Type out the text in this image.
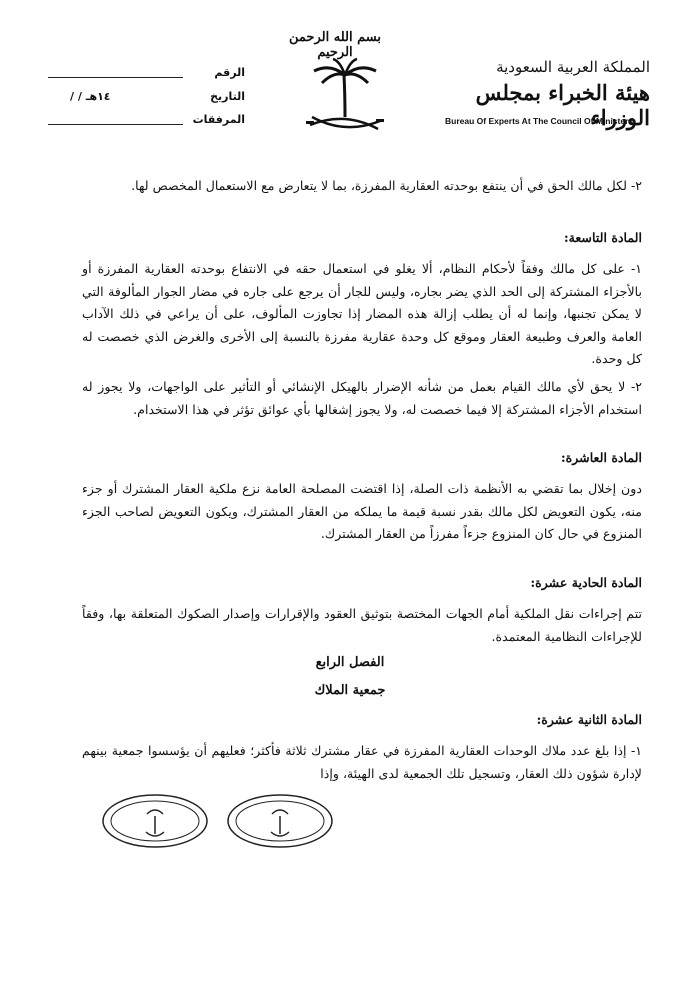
بسم الله الرحمن الرحيم
المملكة العربية السعودية
هيئة الخبراء بمجلس الوزراء
Bureau Of Experts At The Council Of Ministers
الرقم
التاريخ
/ / ١٤هـ
المرفقات
٢- لكل مالك الحق في أن ينتفع بوحدته العقارية المفرزة، بما لا يتعارض مع الاستعمال المخصص لها.
المادة التاسعة:
١- على كل مالك وفقاً لأحكام النظام، ألا يغلو في استعمال حقه في الانتفاع بوحدته العقارية المفرزة أو بالأجزاء المشتركة إلى الحد الذي يضر بجاره، وليس للجار أن يرجع على جاره في مضار الجوار المألوفة التي لا يمكن تجنبها، وإنما له أن يطلب إزالة هذه المضار إذا تجاوزت المألوف، على أن يراعي في ذلك الآداب العامة والعرف وطبيعة العقار وموقع كل وحدة عقارية مفرزة بالنسبة إلى الأخرى والغرض الذي خصصت له كل وحدة.
٢- لا يحق لأي مالك القيام بعمل من شأنه الإضرار بالهيكل الإنشائي أو التأثير على الواجهات، ولا يجوز له استخدام الأجزاء المشتركة إلا فيما خصصت له، ولا يجوز إشغالها بأي عوائق تؤثر في هذا الاستخدام.
المادة العاشرة:
دون إخلال بما تقضي به الأنظمة ذات الصلة، إذا اقتضت المصلحة العامة نزع ملكية العقار المشترك أو جزء منه، يكون التعويض لكل مالك بقدر نسبة قيمة ما يملكه من العقار المشترك، ويكون التعويض لصاحب الجزء المنزوع في حال كان المنزوع جزءاً مفرزاً من العقار المشترك.
المادة الحادية عشرة:
تتم إجراءات نقل الملكية أمام الجهات المختصة بتوثيق العقود والإقرارات وإصدار الصكوك المتعلقة بها، وفقاً للإجراءات النظامية المعتمدة.
الفصل الرابع
جمعية الملاك
المادة الثانية عشرة:
١- إذا بلغ عدد ملاك الوحدات العقارية المفرزة في عقار مشترك ثلاثة فأكثر؛ فعليهم أن يؤسسوا جمعية بينهم لإدارة شؤون ذلك العقار، وتسجيل تلك الجمعية لدى الهيئة، وإذا
